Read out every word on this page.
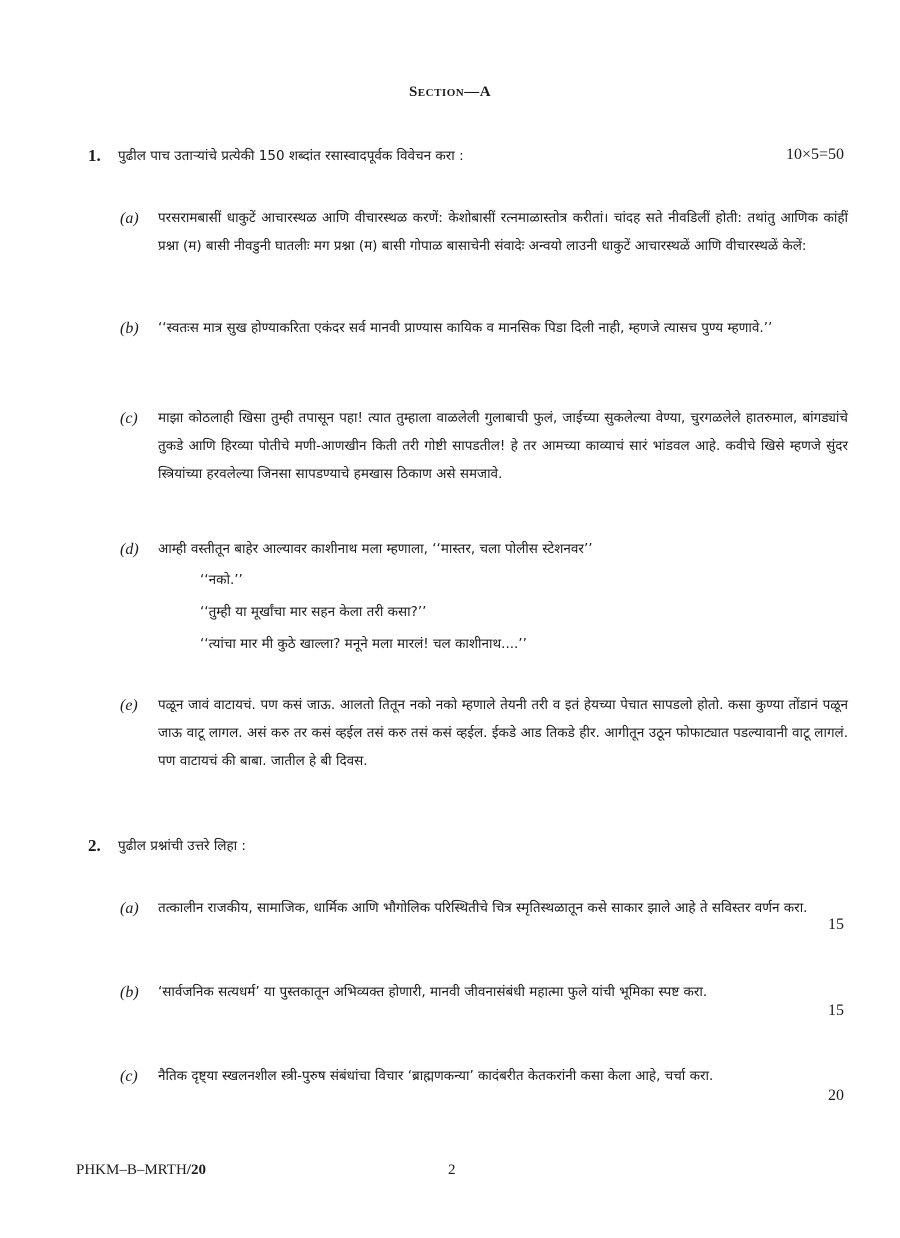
Section—A
1. पुढील पाच उताऱ्यांचे प्रत्येकी 150 शब्दांत रसास्वादपूर्वक विवेचन करा :	10×5=50
(a) परसरामबासीं धाकुटें आचारस्थळ आणि वीचारस्थळ करणें: केशोबासीं रत्नमाळास्तोत्र करीतां। चांदह सते नीवडिलीं होती: तथांतु आणिक कांहीं प्रश्ना (म) बासी नीवडुनी घातलीः मग प्रश्ना (म) बासी गोपाळ बासाचेनी संवादेः अन्वयो लाउनी धाकुटें आचारस्थळें आणि वीचारस्थळें केलें:
(b) ‘‘स्वतःस मात्र सुख होण्याकरिता एकंदर सर्व मानवी प्राण्यास कायिक व मानसिक पिडा दिली नाही, म्हणजे त्यासच पुण्य म्हणावे.’’
(c) माझा कोठलाही खिसा तुम्ही तपासून पहा! त्यात तुम्हाला वाळलेली गुलाबाची फुलं, जाईच्या सुकलेल्या वेण्या, चुरगळलेले हातरुमाल, बांगड्यांचे तुकडे आणि हिरव्या पोतीचे मणी-आणखीन किती तरी गोष्टी सापडतील! हे तर आमच्या काव्याचं सारं भांडवल आहे. कवीचे खिसे म्हणजे सुंदर स्त्रियांच्या हरवलेल्या जिनसा सापडण्याचे हमखास ठिकाण असे समजावे.
(d) आम्ही वस्तीतून बाहेर आल्यावर काशीनाथ मला म्हणाला, ‘‘मास्तर, चला पोलीस स्टेशनवर’’
‘‘नको.’’
‘‘तुम्ही या मूर्खांचा मार सहन केला तरी कसा?’’
‘‘त्यांचा मार मी कुठे खाल्ला? मनूने मला मारलं! चल काशीनाथ....’’
(e) पळून जावं वाटायचं. पण कसं जाऊ. आलतो तितून नको नको म्हणाले तेयनी तरी व इतं हेयच्या पेचात सापडलो होतो. कसा कुण्या तोंडानं पळून जाऊ वाटू लागल. असं करु तर कसं व्हईल तसं करु तसं कसं व्हईल. ईकडे आड तिकडे हीर. आगीतून उठून फोफाट्यात पडल्यावानी वाटू लागलं. पण वाटायचं की बाबा. जातील हे बी दिवस.
2. पुढील प्रश्नांची उत्तरे लिहा :
(a) तत्कालीन राजकीय, सामाजिक, धार्मिक आणि भौगोलिक परिस्थितीचे चित्र स्मृतिस्थळातून कसे साकार झाले आहे ते सविस्तर वर्णन करा.
15
(b) ‘सार्वजनिक सत्यधर्म’ या पुस्तकातून अभिव्यक्त होणारी, मानवी जीवनासंबंधी महात्मा फुले यांची भूमिका स्पष्ट करा.
15
(c) नैतिक दृष्ट्या स्खलनशील स्त्री-पुरुष संबंधांचा विचार ‘ब्राह्मणकन्या’ कादंबरीत केतकरांनी कसा केला आहे, चर्चा करा.
20
PHKM–B–MRTH/20	2
